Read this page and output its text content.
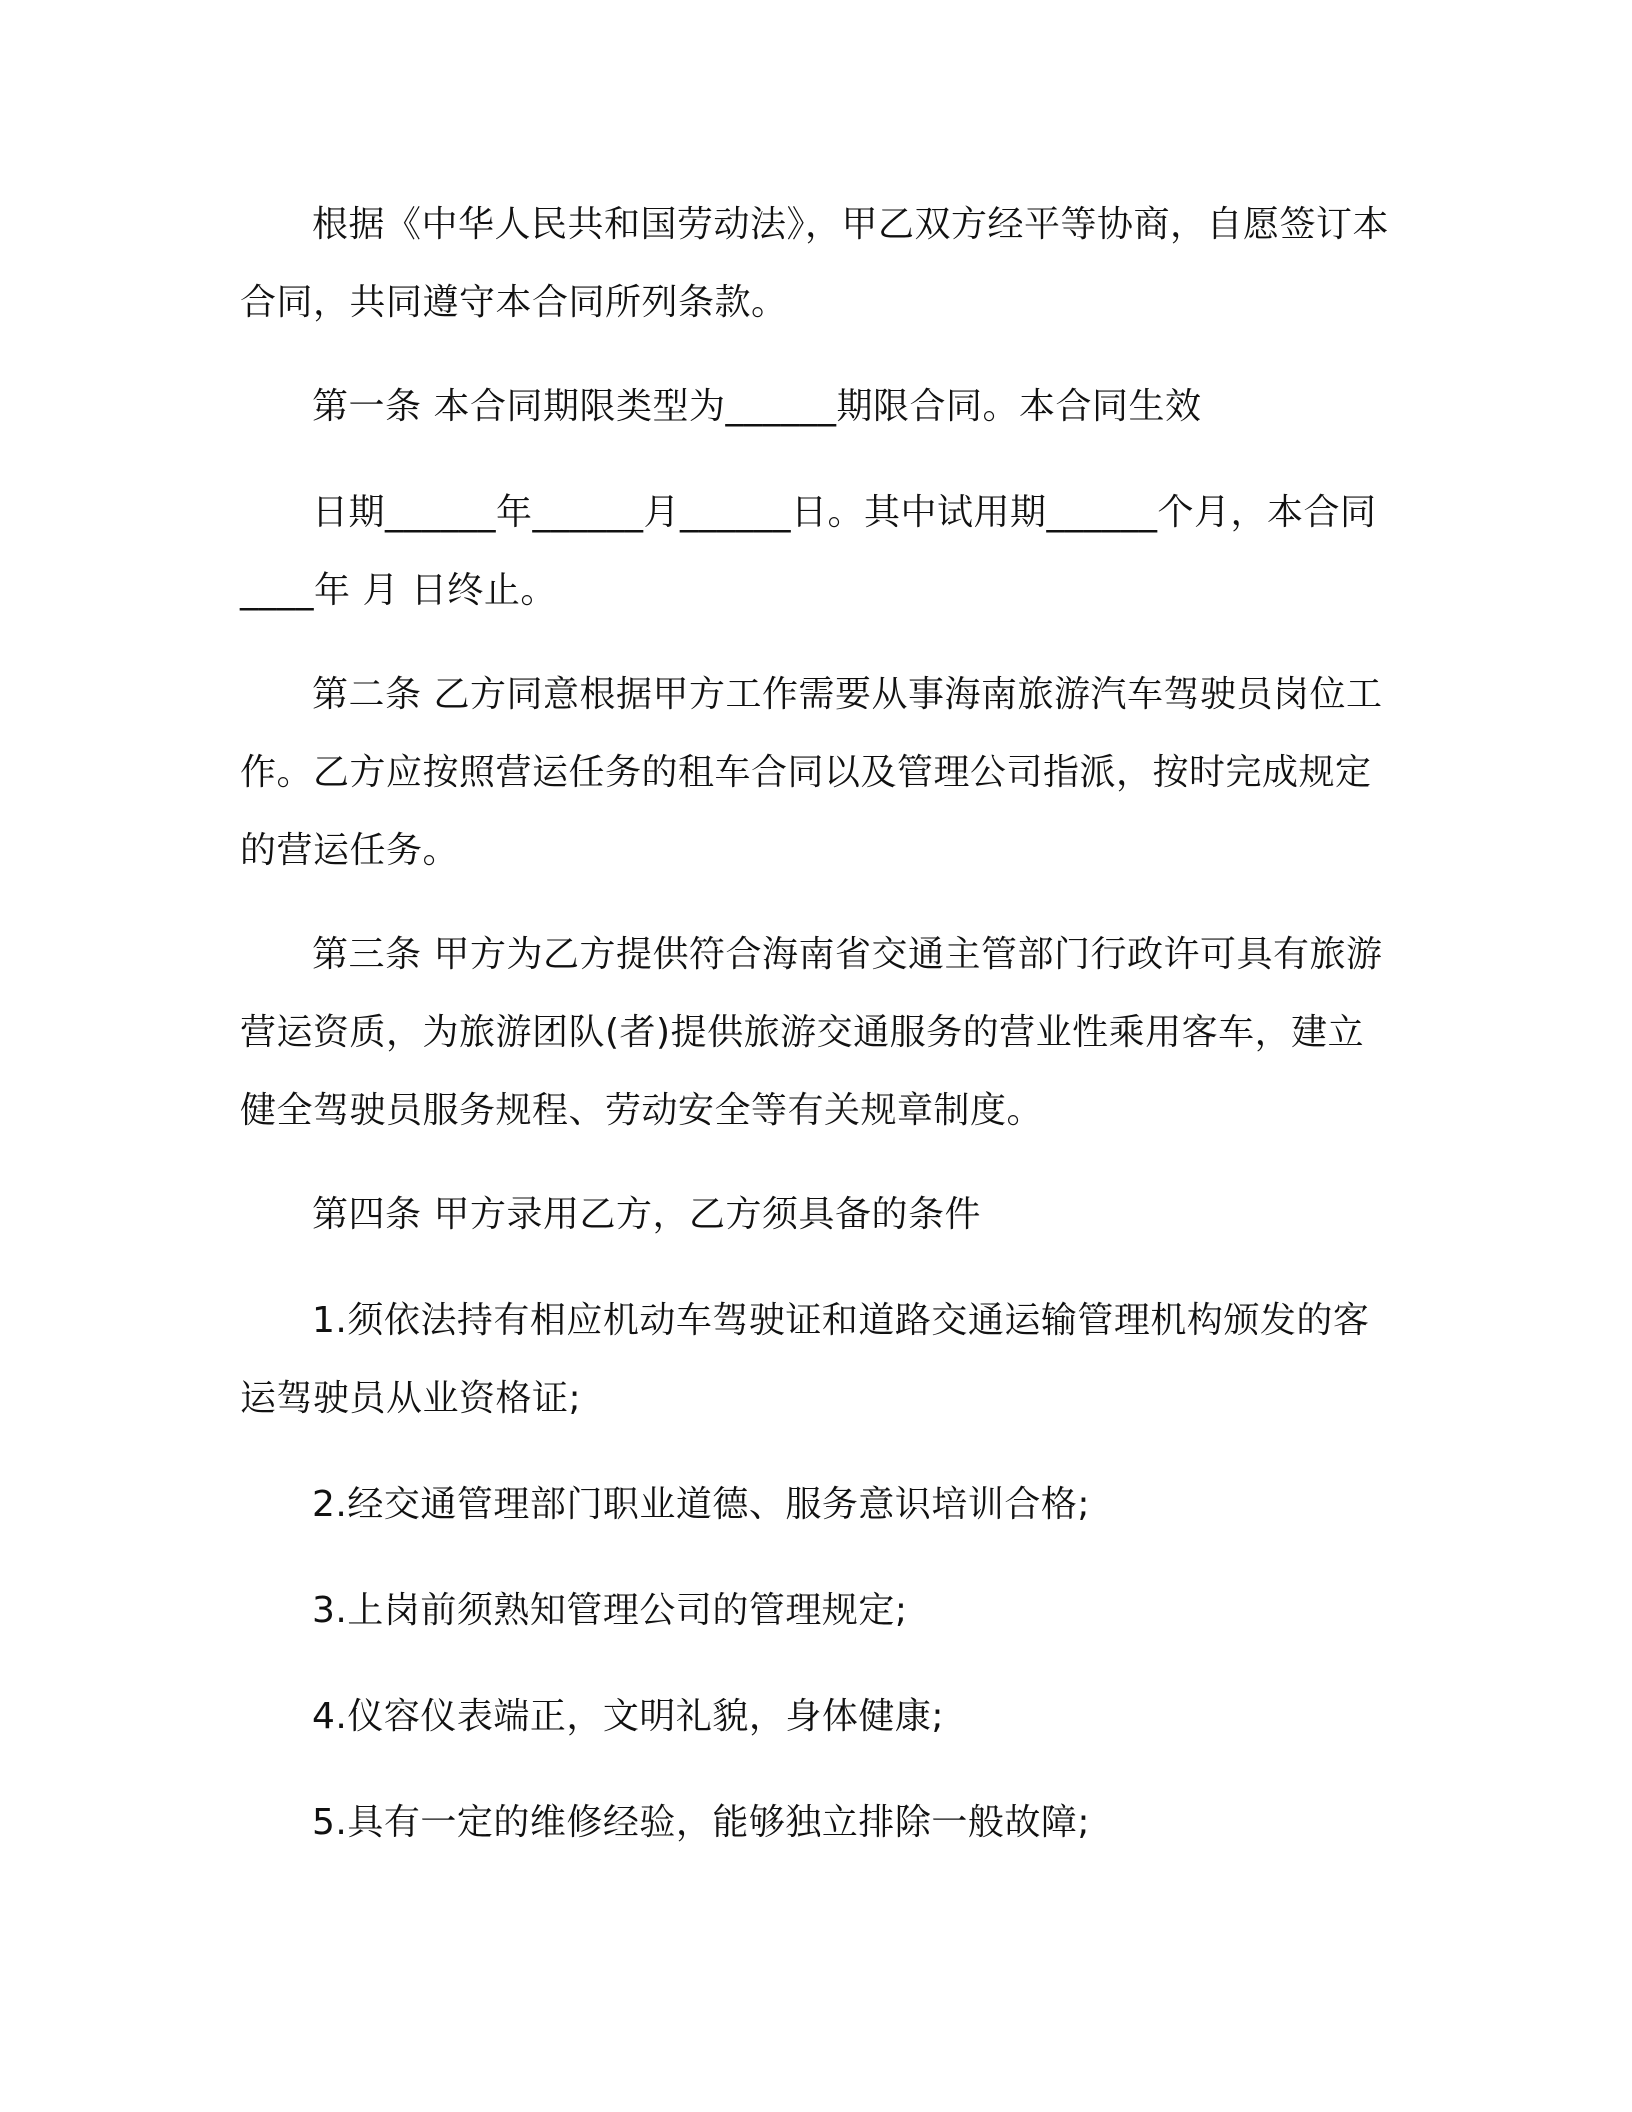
根据《中华人民共和国劳动法》，甲乙双方经平等协商，自愿签订本合同，共同遵守本合同所列条款。

第一条 本合同期限类型为______期限合同。本合同生效

日期______年______月______日。其中试用期______个月，本合同____年 月 日终止。

第二条 乙方同意根据甲方工作需要从事海南旅游汽车驾驶员岗位工作。乙方应按照营运任务的租车合同以及管理公司指派，按时完成规定的营运任务。

第三条 甲方为乙方提供符合海南省交通主管部门行政许可具有旅游营运资质，为旅游团队(者)提供旅游交通服务的营业性乘用客车，建立健全驾驶员服务规程、劳动安全等有关规章制度。

第四条 甲方录用乙方，乙方须具备的条件

1.须依法持有相应机动车驾驶证和道路交通运输管理机构颁发的客运驾驶员从业资格证;

2.经交通管理部门职业道德、服务意识培训合格;

3.上岗前须熟知管理公司的管理规定;

4.仪容仪表端正，文明礼貌，身体健康;

5.具有一定的维修经验，能够独立排除一般故障;
